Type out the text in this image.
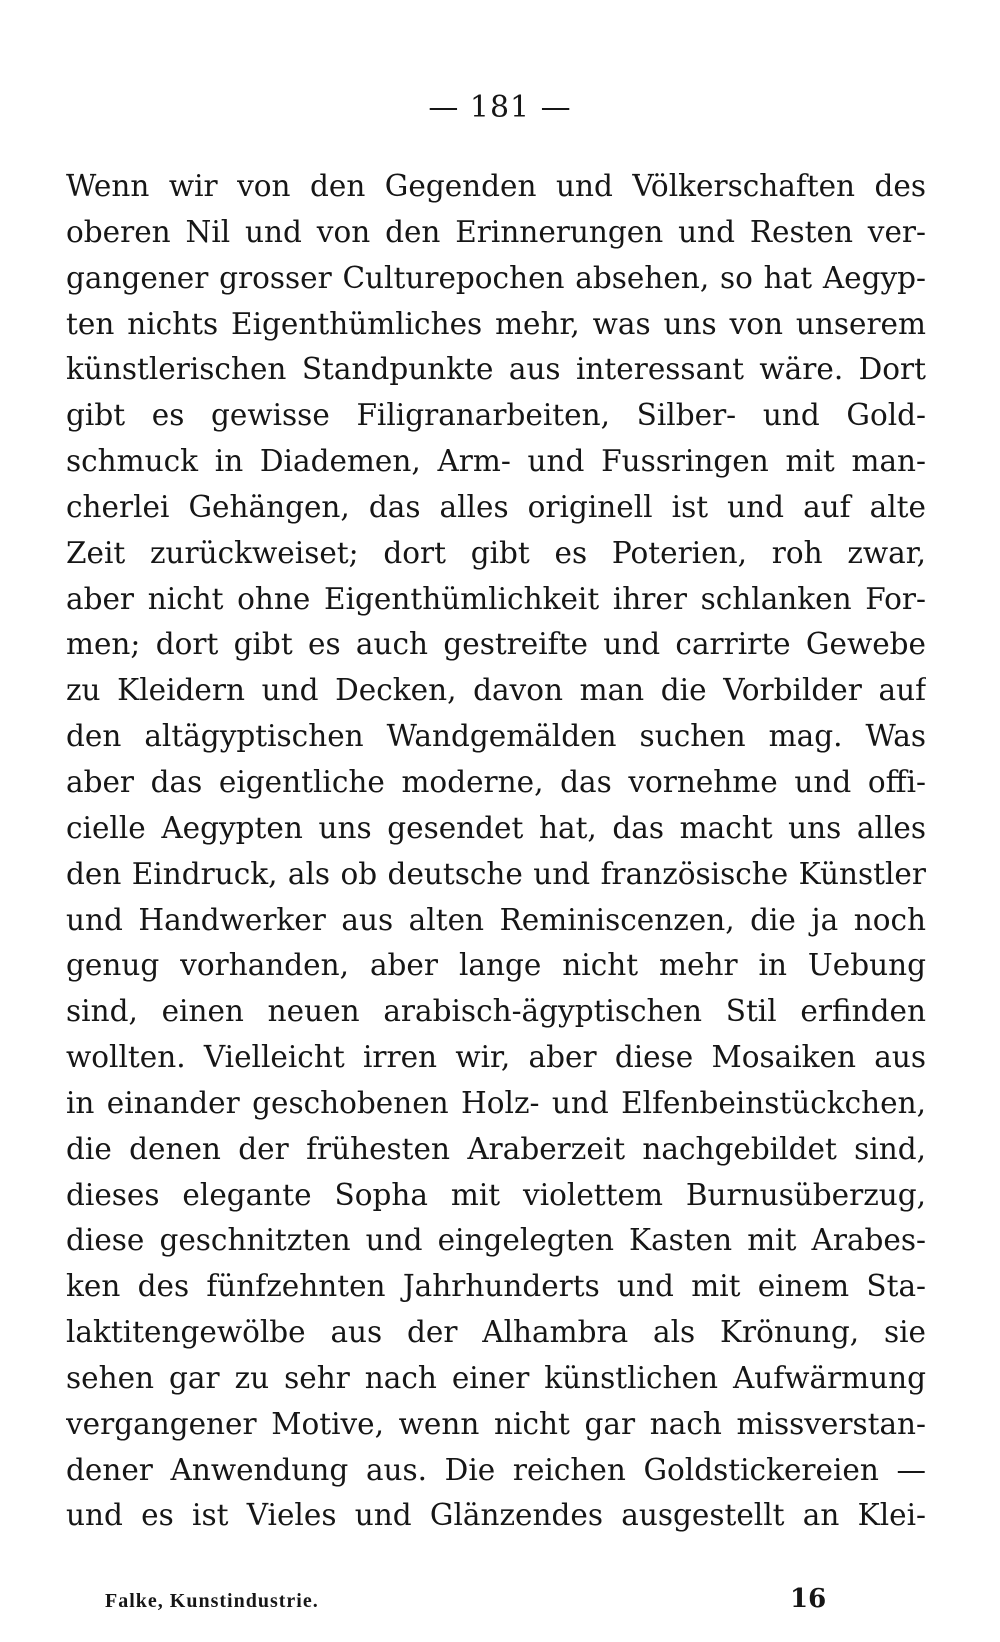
— 181 —
Wenn wir von den Gegenden und Völkerschaften des
oberen Nil und von den Erinnerungen und Resten ver-
gangener grosser Culturepochen absehen, so hat Aegyp-
ten nichts Eigenthümliches mehr, was uns von unserem
künstlerischen Standpunkte aus interessant wäre. Dort
gibt es gewisse Filigranarbeiten, Silber- und Gold-
schmuck in Diademen, Arm- und Fussringen mit man-
cherlei Gehängen, das alles originell ist und auf alte
Zeit zurückweiset; dort gibt es Poterien, roh zwar,
aber nicht ohne Eigenthümlichkeit ihrer schlanken For-
men; dort gibt es auch gestreifte und carrirte Gewebe
zu Kleidern und Decken, davon man die Vorbilder auf
den altägyptischen Wandgemälden suchen mag. Was
aber das eigentliche moderne, das vornehme und offi-
cielle Aegypten uns gesendet hat, das macht uns alles
den Eindruck, als ob deutsche und französische Künstler
und Handwerker aus alten Reminiscenzen, die ja noch
genug vorhanden, aber lange nicht mehr in Uebung
sind, einen neuen arabisch-ägyptischen Stil erfinden
wollten. Vielleicht irren wir, aber diese Mosaiken aus
in einander geschobenen Holz- und Elfenbeinstückchen,
die denen der frühesten Araberzeit nachgebildet sind,
dieses elegante Sopha mit violettem Burnusüberzug,
diese geschnitzten und eingelegten Kasten mit Arabes-
ken des fünfzehnten Jahrhunderts und mit einem Sta-
laktitengewölbe aus der Alhambra als Krönung, sie
sehen gar zu sehr nach einer künstlichen Aufwärmung
vergangener Motive, wenn nicht gar nach missverstan-
dener Anwendung aus. Die reichen Goldstickereien —
und es ist Vieles und Glänzendes ausgestellt an Klei-
Falke, Kunstindustrie.	16
